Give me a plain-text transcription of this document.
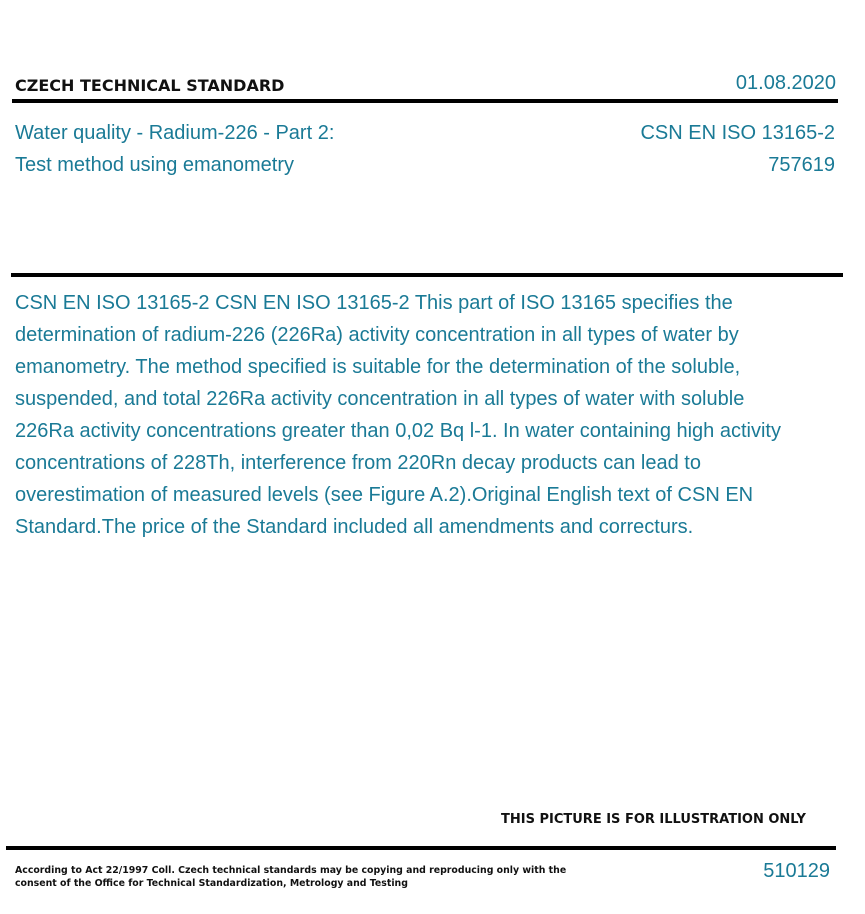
CZECH TECHNICAL STANDARD	01.08.2020
Water quality - Radium-226 - Part 2: Test method using emanometry
CSN EN ISO 13165-2
757619
CSN EN ISO 13165-2 CSN EN ISO 13165-2 This part of ISO 13165 specifies the determination of radium-226 (226Ra) activity concentration in all types of water by emanometry. The method specified is suitable for the determination of the soluble, suspended, and total 226Ra activity concentration in all types of water with soluble 226Ra activity concentrations greater than 0,02 Bq l-1. In water containing high activity concentrations of 228Th, interference from 220Rn decay products can lead to overestimation of measured levels (see Figure A.2).Original English text of CSN EN Standard.The price of the Standard included all amendments and correcturs.
THIS PICTURE IS FOR ILLUSTRATION ONLY
According to Act 22/1997 Coll. Czech technical standards may be copying and reproducing only with the consent of the Office for Technical Standardization, Metrology and Testing
510129
